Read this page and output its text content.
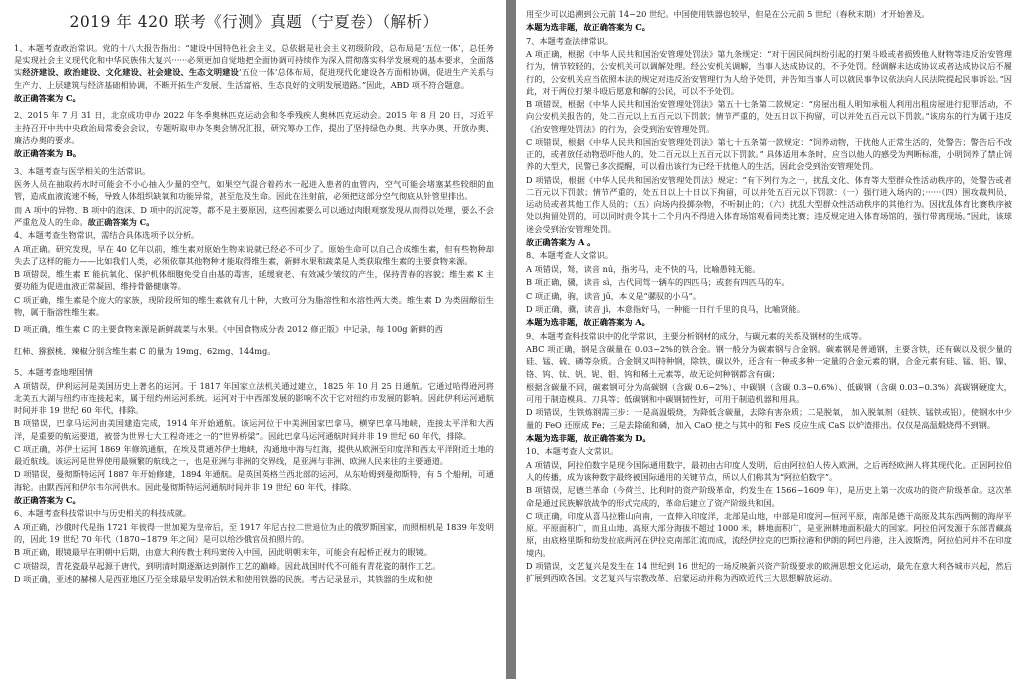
2019 年 420 联考《行测》真题（宁夏卷）（解析）

1、本题考查政治常识。党的十八大报告指出：“建设中国特色社会主义，总依据是社会主义初级阶段，总布局是‘五位一体’，总任务是实现社会主义现代化和中华民族伟大复兴······必须更加自觉地把全面协调可持续作为深入贯彻落实科学发展观的基本要求，全面落实经济建设、政治建设、文化建设、社会建设、生态文明建设‘五位一体’总体布局，促进现代化建设各方面相协调，促进生产关系与生产力、上层建筑与经济基础相协调，不断开拓生产发展、生活富裕、生态良好的文明发展道路。”因此，ABD 项不符合题意。

故正确答案为 C。

2、2015 年 7 月 31 日，北京成功申办 2022 年冬季奥林匹克运动会和冬季残疾人奥林匹克运动会。2015 年 8 月 20 日，习近平主持召开中共中央政治局常委会会议，专题听取申办冬奥会情况汇报，研究筹办工作，提出了坚持绿色办奥、共享办奥、开放办奥、廉洁办奥的要求。

故正确答案为 B。

3、本题考查与医学相关的生活常识。

医务人员在抽取药水时可能会不小心抽入少量的空气，如果空气混合着药水一起进入患者的血管内，空气可能会堵塞某些较细的血管，造成血液流速不畅，导致人体组织缺氧和功能异常，甚至危及生命。因此在注射前，必须把这部分空气彻底从针管里排出。

而 A 项中的异物、B 项中的泡沫、D 项中的沉淀等，都不是主要原因，这些因素要么可以通过肉眼观察发现从而得以处理，要么不会严重危及人的生命。故正确答案为 C。

4、本题考查生物常识，需结合具体选项予以分析。

A 项正确。研究发现，早在 40 亿年以前，维生素对原始生物来说就已经必不可少了。原始生命可以自己合成维生素，但有些物种却失去了这样的能力——比如我们人类，必须依靠其他物种才能取得维生素，新鲜水果和蔬菜是人类获取维生素的主要食物来源。

B 项错误，维生素 E 能抗氧化、保护机体细胞免受自由基的毒害，延缓衰老、有效减少皱纹的产生，保持青春的容貌；维生素 K 主要功能为促进血液正常凝固、维持骨骼健康等。

C 项正确，维生素是个庞大的家族，现阶段所知的维生素就有几十种，大致可分为脂溶性和水溶性两大类。维生素 D 为类固醇衍生物，属于脂溶性维生素。

D 项正确，维生素 C 的主要食物来源是新鲜蔬菜与水果。《中国食物成分表 2012 修正版》中记录，每 100g 新鲜的西

红柿、猕猴桃、辣椒分别含维生素 C 的量为 19mg、62mg、144mg。

5、本题考查地理国情

A 项错误，伊利运河是美国历史上著名的运河。于 1817 年国家立法机关通过建立，1825 年 10 月 25 日通航。它通过哈得逊河将北美五大湖与纽约市连接起来，属于纽约州运河系统。运河对于中西部发展的影响不次于它对纽约市发展的影响。因此伊利运河通航时间并非 19 世纪 60 年代，排除。

B 项错误，巴拿马运河由美国建造完成，1914 年开始通航。该运河位于中美洲国家巴拿马，横穿巴拿马地峡，连接太平洋和大西洋，是重要的航运要道，被誉为世界七大工程奇迹之一的“世界桥梁”。因此巴拿马运河通航时间并非 19 世纪 60 年代，排除。

C 项正确，苏伊士运河 1869 年修筑通航，在埃及贯通苏伊士地峡，沟通地中海与红海，提供从欧洲至印度洋和西太平洋附近土地的最近航线。该运河是世界使用最频繁的航线之一，也是亚洲与非洲的交界线，是亚洲与非洲、欧洲人民来往的主要通道。

D 项错误，曼彻斯特运河 1887 年开始修建，1894 年通航。是英国英格兰西北部的运河，从东哈姆到曼彻斯特，有 5 个船闸，可通海轮。由默西河和伊尔韦尔河供水。因此曼彻斯特运河通航时间并非 19 世纪 60 年代，排除。

故正确答案为 C。

6、本题考查科技常识中与历史相关的科技成就。

A 项正确，沙俄时代是指 1721 年彼得一世加冕为皇帝后，至 1917 年尼古拉二世退位为止的俄罗斯国家，而照相机是 1839 年发明的，因此 19 世纪 70 年代（1870~1879 年之间）是可以给沙俄官员拍照片的。

B 项正确，眼镜最早在明朝中后期，由意大利传教士利玛窦传入中国，因此明朝末年，可能会有起桥正视力的眼镜。

C 项错误，青花瓷最早起源于唐代，到明清时期逐渐达到制作工艺的巅峰。因此战国时代不可能有青花瓷的制作工艺。

D 项正确，亚述的赫梯人是西亚地区乃至全球最早发明冶铁术和使用铁器的民族。考古记录显示，其铁器的生成和使

用至少可以追溯到公元前 14~20 世纪。中国使用铁器也较早，但是在公元前 5 世纪（春秋末期）才开始普及。

本题为选非题，故正确答案为 C。

7、本题考查法律常识。

A 项正确，根据《中华人民共和国治安管理处罚法》第九条规定：“对于因民间纠纷引起的打架斗殴或者损毁他人财物等违反治安管理行为，情节较轻的，公安机关可以调解处理。经公安机关调解，当事人达成协议的，不予处罚。经调解未达成协议或者达成协议后不履行的，公安机关应当依照本法的规定对违反治安管理行为人给予处罚，并告知当事人可以就民事争议依法向人民法院提起民事诉讼。”因此，对于两位打架斗殴后愿意和解的公民，可以不予处罚。

B 项错误，根据《中华人民共和国治安管理处罚法》第五十七条第二款规定：“房屋出租人明知承租人利用出租房屋进行犯罪活动，不向公安机关报告的，处二百元以上五百元以下罚款；情节严重的，处五日以下拘留，可以并处五百元以下罚款。”该房东的行为属于违反《治安管理处罚法》的行为，会受到治安管理处罚。

C 项错误，根据《中华人民共和国治安管理处罚法》第七十五条第一款规定：“饲养动物，干扰他人正常生活的，处警告；警告后不改正的，或者放任动物恐吓他人的，处二百元以上五百元以下罚款。” 具体适用本条时，应当以他人的感受为判断标准，小明饲养了禁止饲养的大型犬，民警已多次提醒，可以看出该行为已经干扰他人的生活，因此会受到治安管理处罚。

D 项错误，根据《中华人民共和国治安管理处罚法》规定：“有下列行为之一，扰乱文化、体育等大型群众性活动秩序的，处警告或者二百元以下罚款；情节严重的，处五日以上十日以下拘留，可以并处五百元以下罚款：（一）强行进入场内的；······（四）围攻裁判员、运动员或者其他工作人员的；（五）向场内投掷杂物，不听制止的；（六）扰乱大型群众性活动秩序的其他行为。因扰乱体育比赛秩序被处以拘留处罚的，可以同时责令其十二个月内不得进入体育场馆观看同类比赛；违反规定进入体育场馆的，强行带离现场。”因此，该球迷会受到治安管理处罚。

故正确答案为 A 。

8、本题考查人文常识。

A 项错误，驽，读音 nú，指劣马，走不快的马，比喻愚钝无能。

B 项正确，骥，读音 sì，古代同驾一辆车的四匹马；或套有四匹马的车。

C 项正确，驹，读音 jū，本义是“骡驭的小马”。

D 项正确，骥，读音 jì，本意指好马，一种能一日行千里的良马，比喻贤能。

本题为选非题，故正确答案为 A。

9、本题考查科技常识中的化学常识，主要分析钢材的成分，与碳元素的关系及钢材的生成等。

ABC 项正确，钢是含碳量在 0.03~2%的铁合金。钢一般分为碳素钢与合金钢。碳素钢是普通钢，主要含铁，还有碳以及很少量的硅、锰、硫、磷等杂质。合金钢又叫特种钢，除铁、碳以外，还含有一种或多种一定量的合金元素的钢，合金元素有硅、锰、铝、镍、铬、钨、钛、钒、铌、钼、钨和稀土元素等，故无论何种钢都含有碳；

根据含碳量不同，碳素钢可分为高碳钢（含碳 0.6~2%）、中碳钢（含碳 0.3~0.6%）、低碳钢（含碳 0.03~0.3%）高碳钢硬度大，可用于制造模具、刀具等；低碳钢和中碳钢韧性好，可用于制造机器和用具。

D 项错误，生铁炼钢需三步：一是高温煅烧，为降低含碳量，去除有害杂质；二是脱氧， 加入脱氧剂（硅铁、锰铁或铝），使钢水中少量的 FeO 还原成 Fe；三是去除硫和磷，加入 CaO 使之与其中的和 FeS 反应生成 CaS 以炉渣排出。仅仅是高温煅烧得不到钢。

本题为选非题，故正确答案为 D。

10、本题考查人文常识。

A 项错误，阿拉伯数字是现今国际通用数字，最初由古印度人发明，后由阿拉伯人传入欧洲，之后再经欧洲人将其现代化。正因阿拉伯人的传播，成为该种数字最终被国际通用的关键节点，所以人们称其为“阿拉伯数字”。

B 项错误，尼德兰革命（今荷兰、比利时的资产阶级革命，约发生在 1566~1609 年），是历史上第一次成功的资产阶级革命。这次革命是通过民族解放战争的形式完成的，革命后建立了资产阶级共和国。

C 项正确，印度从喜马拉雅山向南，一直伸入印度洋，北部是山地，中部是印度河—恒河平原，南部是德干高原及其东西两侧的海岸平原。平原面积广，而且山地、高原大部分海拔不超过 1000 米，耕地面积广，是亚洲耕地面积最大的国家。阿拉伯河发源于东部青藏高原，由底格里斯和幼发拉底两河在伊拉克南部汇流而成，流经伊拉克的巴斯拉港和伊朗的阿巴丹港，注入波斯湾，阿拉伯河并不在印度境内。

D 项错误，文艺复兴是发生在 14 世纪到 16 世纪的一场反映新兴资产阶级要求的欧洲思想文化运动，最先在意大利各城市兴起，然后扩展到西欧各国。文艺复兴与宗教改革、启蒙运动并称为西欧近代三大思想解放运动。
